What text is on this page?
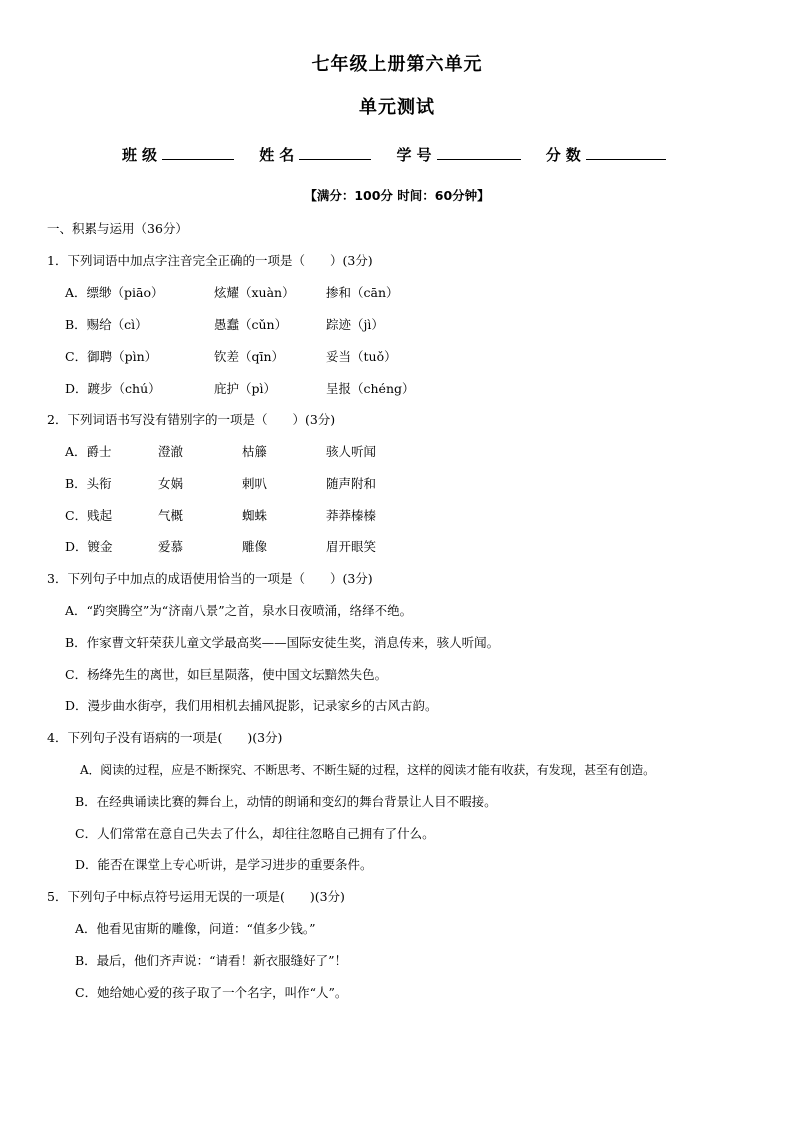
七年级上册第六单元
单元测试
班级	姓名	学号	分数
【满分：100分 时间：60分钟】
一、积累与运用（36分）
1．下列词语中加点字注音完全正确的一项是（　　）(3分)
A．缥缈（piāo）	炫耀（xuàn）	掺和（cān）
B．赐给（cì）	愚蠢（cǔn）	踪迹（jì）
C．御聘（pìn）	钦差（qīn）	妥当（tuǒ）
D．踱步（chú）	庇护（pì）	呈报（chéng）
2．下列词语书写没有错别字的一项是（　　）(3分)
A．爵士	澄澈	枯籐	骇人听闻
B．头衔	女娲	剌叭	随声附和
C．贱起	气概	蜘蛛	莽莽榛榛
D．镀金	爱慕	雕像	眉开眼笑
3．下列句子中加点的成语使用恰当的一项是（　　）(3分)
A．“趵突腾空”为“济南八景”之首，泉水日夜喷涌，络绎不绝。
B．作家曹文轩荣获儿童文学最高奖——国际安徒生奖，消息传来，骇人听闻。
C．杨绛先生的离世，如巨星陨落，使中国文坛黯然失色。
D．漫步曲水街亭，我们用相机去捕风捉影，记录家乡的古风古韵。
4．下列句子没有语病的一项是(　　)(3分)
A．阅读的过程，应是不断探究、不断思考、不断生疑的过程，这样的阅读才能有收获，有发现，甚至有创造。
B．在经典诵读比赛的舞台上，动情的朗诵和变幻的舞台背景让人目不暇接。
C．人们常常在意自己失去了什么，却往往忽略自己拥有了什么。
D．能否在课堂上专心听讲，是学习进步的重要条件。
5．下列句子中标点符号运用无误的一项是(　　)(3分)
A．他看见宙斯的雕像，问道：“值多少钱。”
B．最后，他们齐声说：“请看！新衣服缝好了”！
C．她给她心爱的孩子取了一个名字，叫作“人”。
